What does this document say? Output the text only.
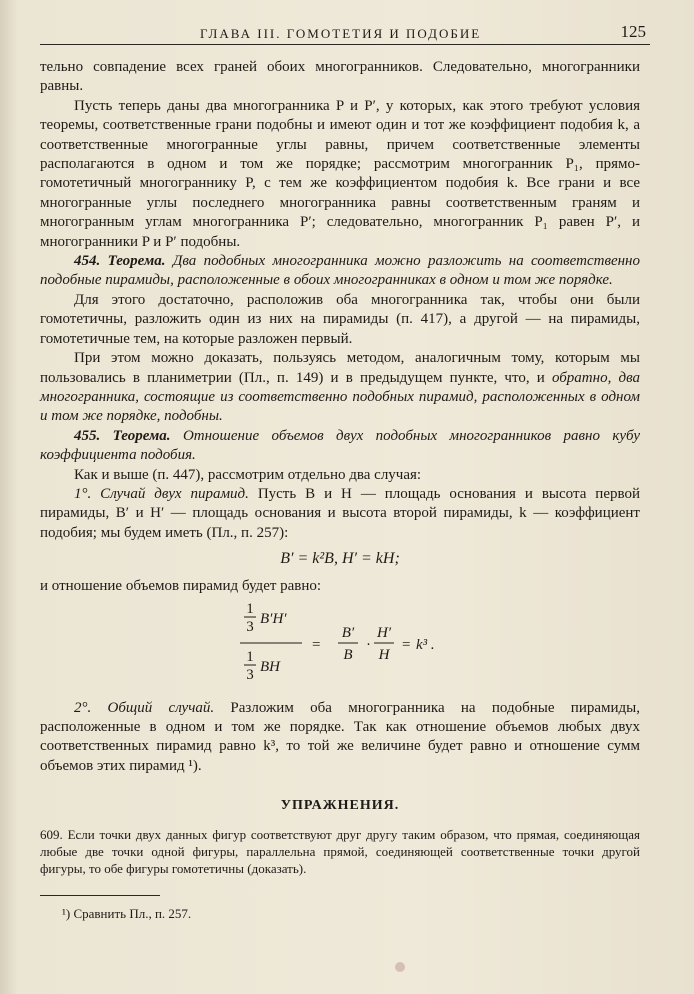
ГЛАВА III. ГОМОТЕТИЯ И ПОДОБИЕ	125

тельно совпадение всех граней обоих многогранников. Следовательно, многогранники равны.

Пусть теперь даны два многогранника P и P′, у которых, как этого требуют условия теоремы, соответственные грани подобны и имеют один и тот же коэффициент подобия k, а соответственные многогранные углы равны, причем соответственные элементы располагаются в одном и том же порядке; рассмотрим многогранник P₁, прямо-гомотетичный многограннику P, с тем же коэффициентом подобия k. Все грани и все многогранные углы последнего многогранника равны соответственным граням и многогранным углам многогранника P′; следовательно, многогранник P₁ равен P′, и многогранники P и P′ подобны.

454. Теорема. Два подобных многогранника можно разложить на соответственно подобные пирамиды, расположенные в обоих многогранниках в одном и том же порядке.

Для этого достаточно, расположив оба многогранника так, чтобы они были гомотетичны, разложить один из них на пирамиды (п. 417), а другой — на пирамиды, гомотетичные тем, на которые разложен первый.

При этом можно доказать, пользуясь методом, аналогичным тому, которым мы пользовались в планиметрии (Пл., п. 149) и в предыдущем пункте, что, и обратно, два многогранника, состоящие из соответственно подобных пирамид, расположенных в одном и том же порядке, подобны.

455. Теорема. Отношение объемов двух подобных многогранников равно кубу коэффициента подобия.

Как и выше (п. 447), рассмотрим отдельно два случая:

1°. Случай двух пирамид. Пусть B и H — площадь основания и высота первой пирамиды, B′ и H′ — площадь основания и высота второй пирамиды, k — коэффициент подобия; мы будем иметь (Пл., п. 257):

B′ = k²B, H′ = kH;

и отношение объемов пирамид будет равно:

1
3 B′H′
1
3 BH
=
B′
B
·
H′
H
= k³ .

2°. Общий случай. Разложим оба многогранника на подобные пирамиды, расположенные в одном и том же порядке. Так как отношение объемов любых двух соответственных пирамид равно k³, то той же величине будет равно и отношение сумм объемов этих пирамид ¹).

УПРАЖНЕНИЯ.

609. Если точки двух данных фигур соответствуют друг другу таким образом, что прямая, соединяющая любые две точки одной фигуры, параллельна прямой, соединяющей соответственные точки другой фигуры, то обе фигуры гомотетичны (доказать).

¹) Сравнить Пл., п. 257.
